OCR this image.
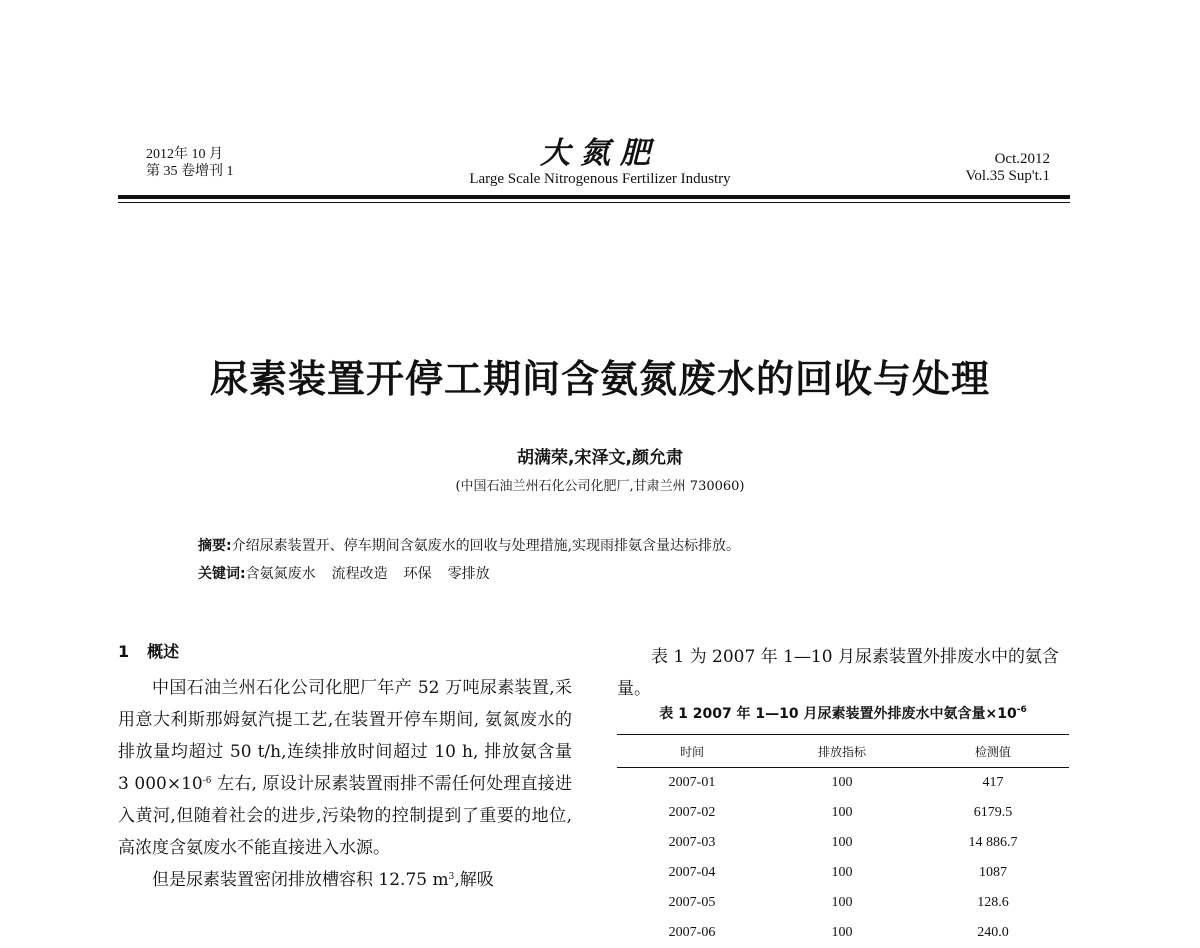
2012年 10 月
第 35 卷增刊 1
大氮肥
Large Scale Nitrogenous Fertilizer Industry
Oct.2012
Vol.35 Sup't.1
尿素装置开停工期间含氨氮废水的回收与处理
胡满荣,宋泽文,颜允肃
(中国石油兰州石化公司化肥厂,甘肃兰州 730060)
摘要:介绍尿素装置开、停车期间含氨废水的回收与处理措施,实现雨排氨含量达标排放。
关键词:含氨氮废水 流程改造 环保 零排放
1 概述

中国石油兰州石化公司化肥厂年产 52 万吨尿素装置,采用意大利斯那姆氨汽提工艺,在装置开停车期间, 氨氮废水的排放量均超过 50 t/h,连续排放时间超过 10 h, 排放氨含量 3 $000\times 10^{-6}$ 左右, 原设计尿素装置雨排不需任何处理直接进入黄河,但随着社会的进步,污染物的控制提到了重要的地位,高浓度含氨废水不能直接进入水源。

但是尿素装置密闭排放槽容积 12.75 $m^3$,解吸

表 1 为 2007 年 1—10 月尿素装置外排废水中的氨含量。

表 1 2007 年 1—10 月尿素装置外排废水中氨含量$\times 10^{-6}$
时间	排放指标	检测值
2007-01	100	417
2007-02	100	6179.5
2007-03	100	14 886.7
2007-04	100	1087
2007-05	100	128.6
2007-06	100	240.0
